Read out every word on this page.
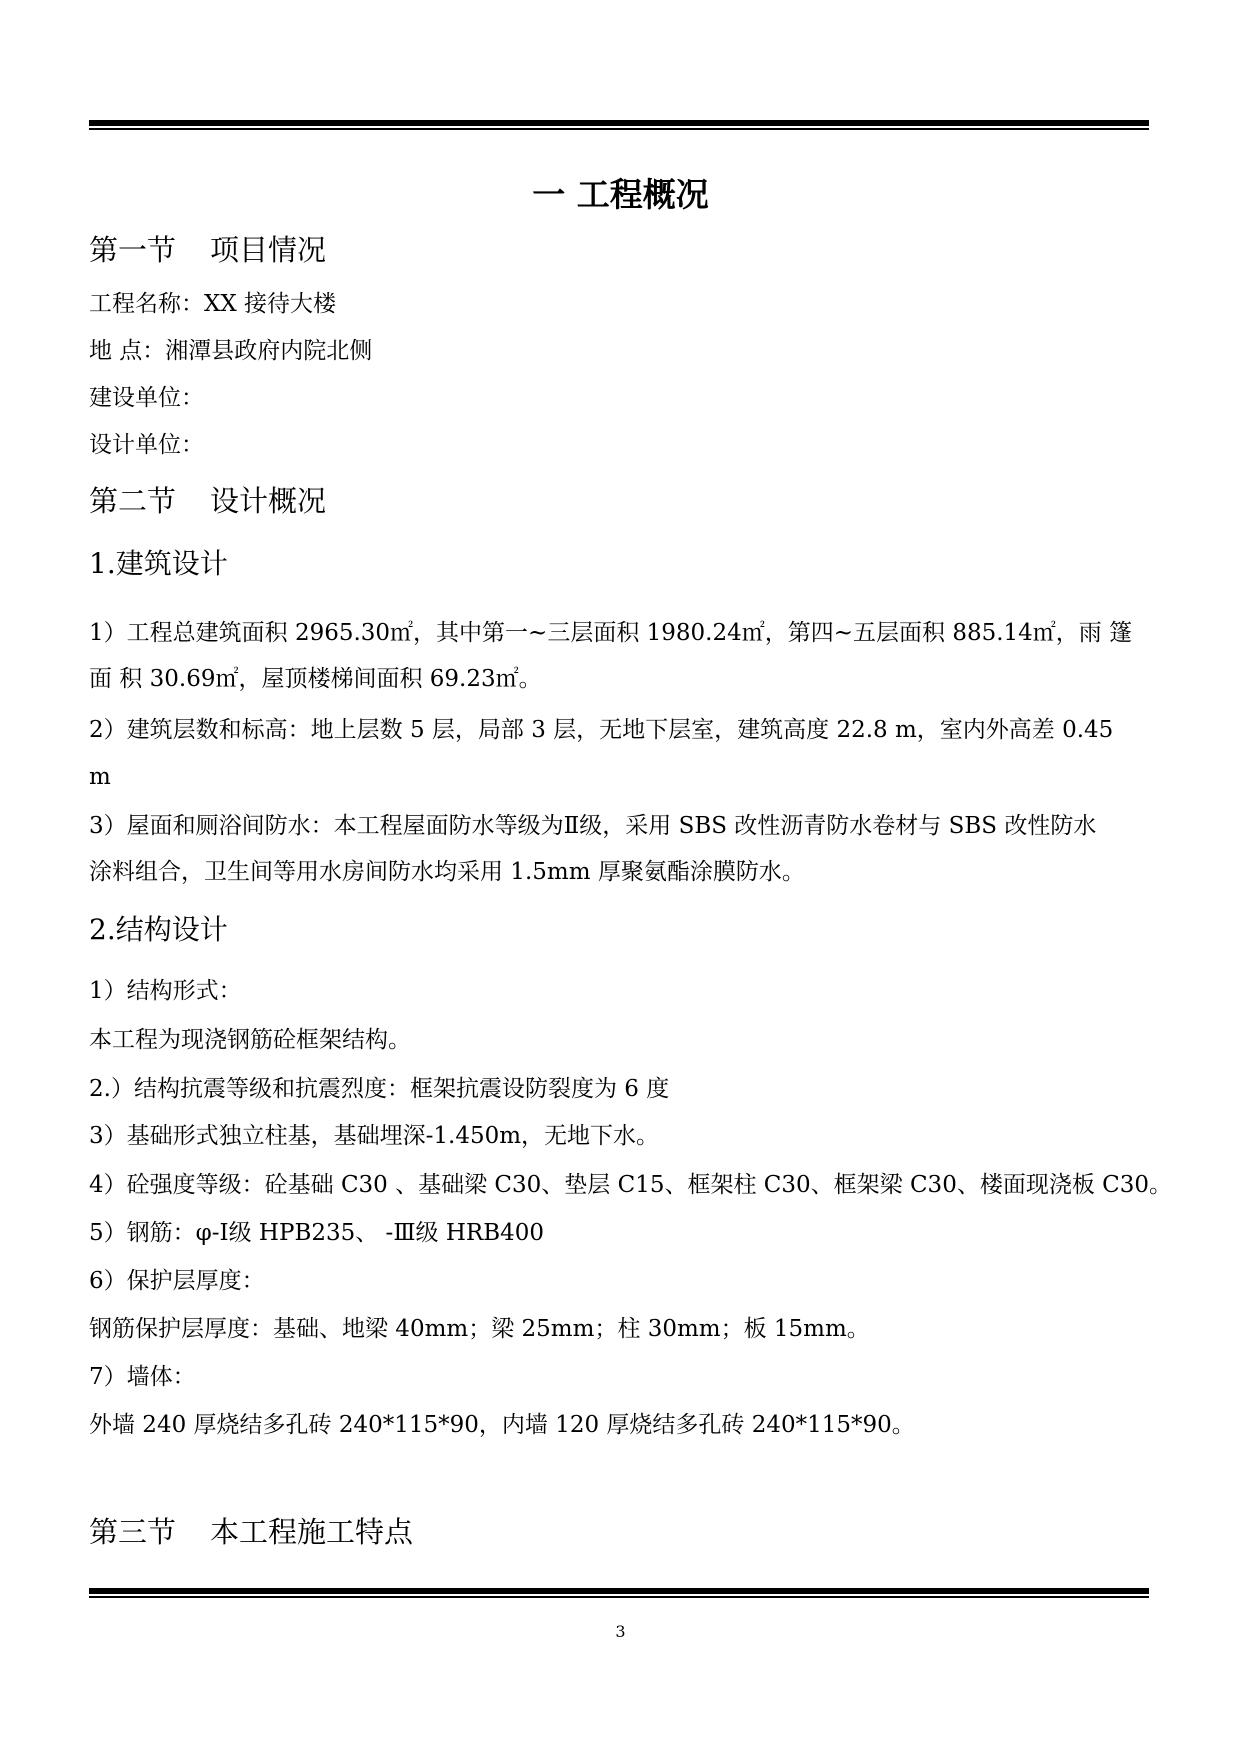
一 工程概况
第一节 项目情况
工程名称：XX 接待大楼
地 点：湘潭县政府内院北侧
建设单位：
设计单位：
第二节 设计概况
1.建筑设计
1）工程总建筑面积 2965.30㎡，其中第一~三层面积 1980.24㎡，第四~五层面积 885.14㎡，雨 篷
面 积 30.69㎡，屋顶楼梯间面积 69.23㎡。
2）建筑层数和标高：地上层数 5 层，局部 3 层，无地下层室，建筑高度 22.8 m，室内外高差 0.45
m
3）屋面和厕浴间防水：本工程屋面防水等级为Ⅱ级，采用 SBS 改性沥青防水卷材与 SBS 改性防水
涂料组合，卫生间等用水房间防水均采用 1.5mm 厚聚氨酯涂膜防水。
2.结构设计
1）结构形式：
本工程为现浇钢筋砼框架结构。
2.）结构抗震等级和抗震烈度：框架抗震设防裂度为 6 度
3）基础形式独立柱基，基础埋深-1.450m，无地下水。
4）砼强度等级：砼基础 C30 、基础梁 C30、垫层 C15、框架柱 C30、框架梁 C30、楼面现浇板 C30。
5）钢筋：φ-Ⅰ级 HPB235、 -Ⅲ级 HRB400
6）保护层厚度：
钢筋保护层厚度：基础、地梁 40mm；梁 25mm；柱 30mm；板 15mm。
7）墙体：
外墙 240 厚烧结多孔砖 240*115*90，内墙 120 厚烧结多孔砖 240*115*90。
第三节 本工程施工特点
3
